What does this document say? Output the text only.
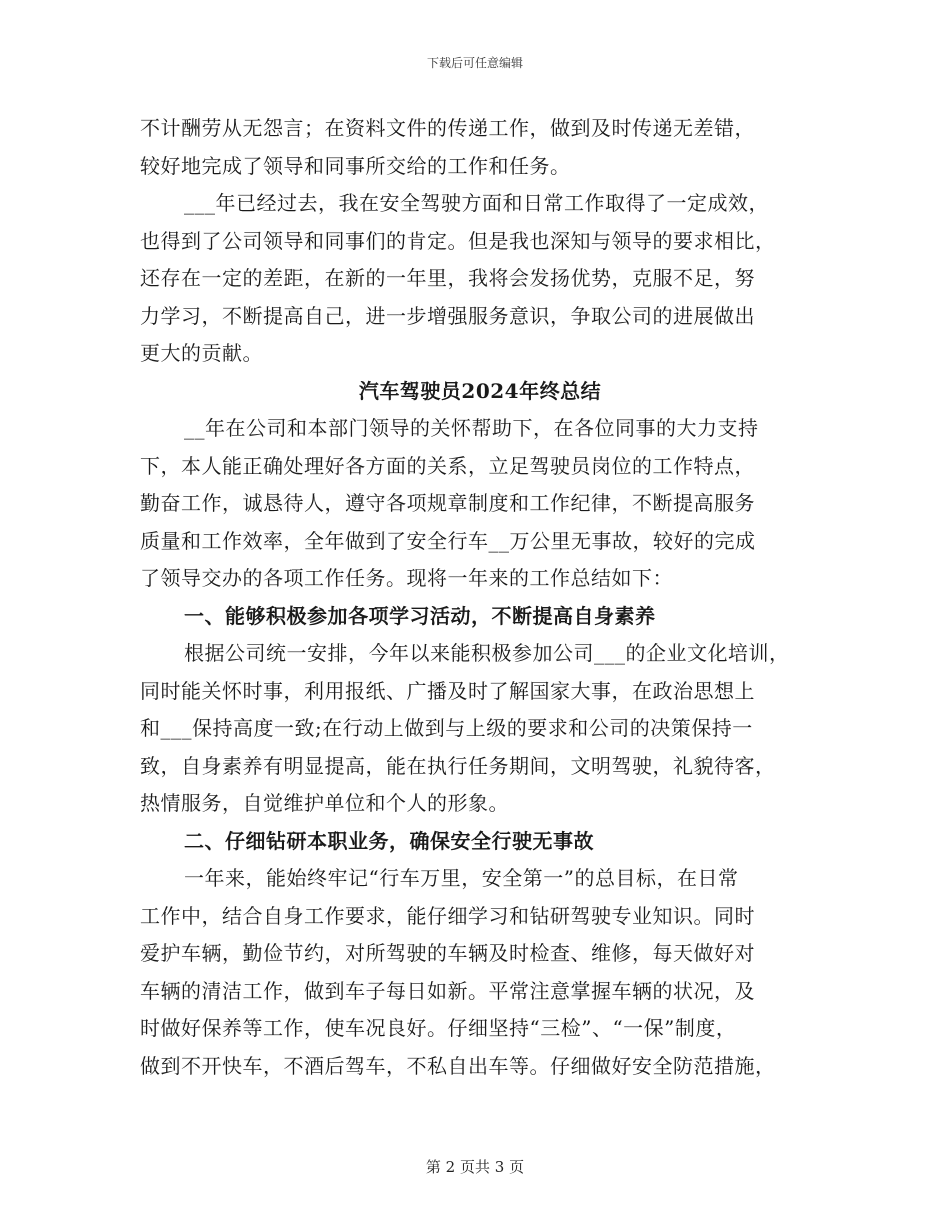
下载后可任意编辑
不计酬劳从无怨言；在资料文件的传递工作，做到及时传递无差错，
较好地完成了领导和同事所交给的工作和任务。
___年已经过去，我在安全驾驶方面和日常工作取得了一定成效，
也得到了公司领导和同事们的肯定。但是我也深知与领导的要求相比，
还存在一定的差距，在新的一年里，我将会发扬优势，克服不足，努
力学习，不断提高自己，进一步增强服务意识，争取公司的进展做出
更大的贡献。
汽车驾驶员2024年终总结
__年在公司和本部门领导的关怀帮助下，在各位同事的大力支持
下，本人能正确处理好各方面的关系，立足驾驶员岗位的工作特点，
勤奋工作，诚恳待人，遵守各项规章制度和工作纪律，不断提高服务
质量和工作效率，全年做到了安全行车__万公里无事故，较好的完成
了领导交办的各项工作任务。现将一年来的工作总结如下：
一、能够积极参加各项学习活动，不断提高自身素养
根据公司统一安排，今年以来能积极参加公司___的企业文化培训，
同时能关怀时事，利用报纸、广播及时了解国家大事，在政治思想上
和___保持高度一致;在行动上做到与上级的要求和公司的决策保持一
致，自身素养有明显提高，能在执行任务期间，文明驾驶，礼貌待客，
热情服务，自觉维护单位和个人的形象。
二、仔细钻研本职业务，确保安全行驶无事故
一年来，能始终牢记“行车万里，安全第一”的总目标，在日常
工作中，结合自身工作要求，能仔细学习和钻研驾驶专业知识。同时
爱护车辆，勤俭节约，对所驾驶的车辆及时检查、维修，每天做好对
车辆的清洁工作，做到车子每日如新。平常注意掌握车辆的状况，及
时做好保养等工作，使车况良好。仔细坚持“三检”、“一保”制度，
做到不开快车，不酒后驾车，不私自出车等。仔细做好安全防范措施，
第 2 页共 3 页
